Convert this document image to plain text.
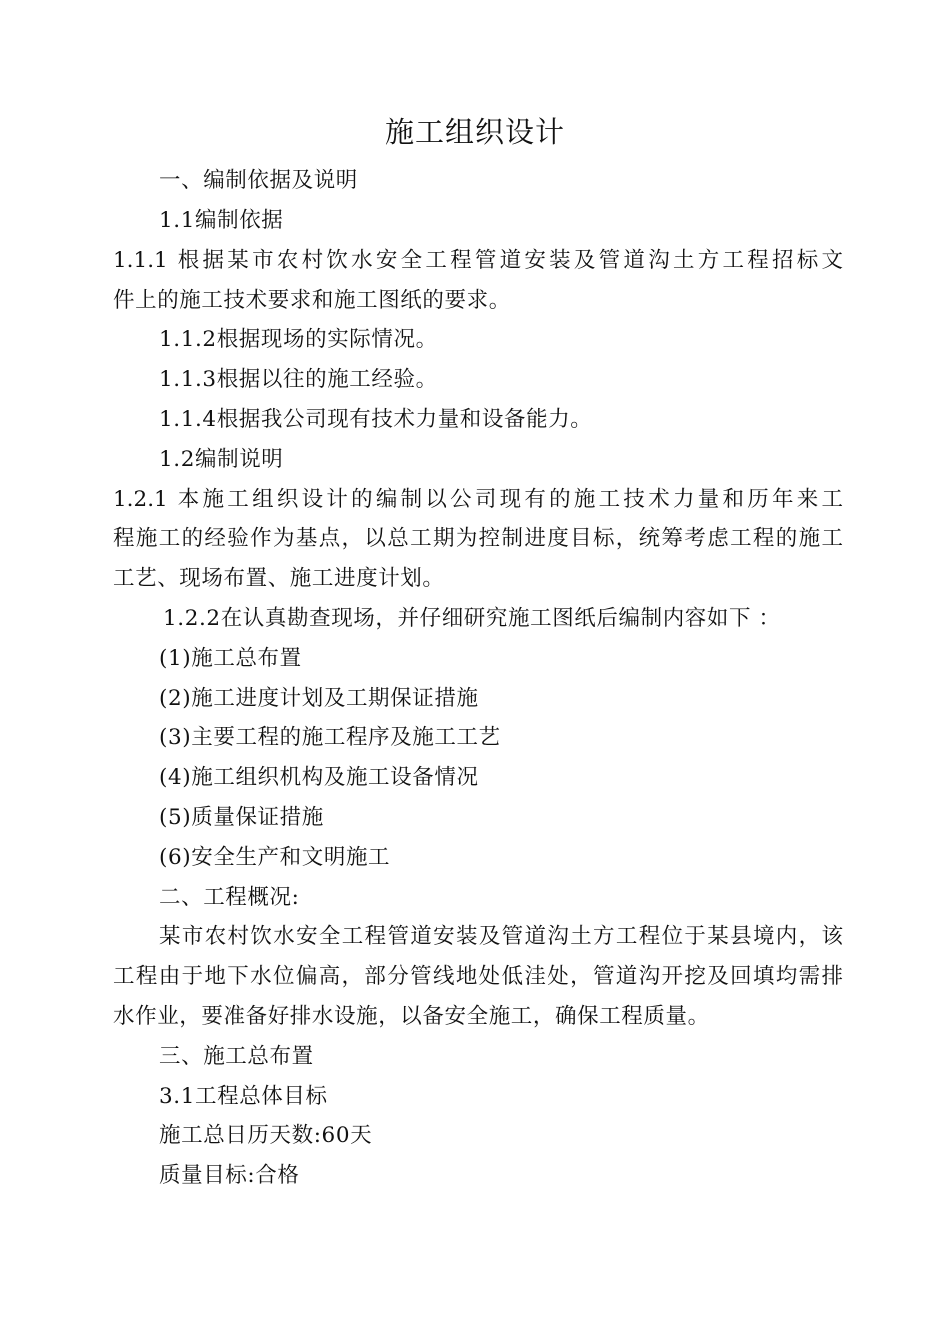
施工组织设计
一、编制依据及说明
1.1编制依据
1.1.1 根据某市农村饮水安全工程管道安装及管道沟土方工程招标文
件上的施工技术要求和施工图纸的要求。
1.1.2根据现场的实际情况。
1.1.3根据以往的施工经验。
1.1.4根据我公司现有技术力量和设备能力。
1.2编制说明
1.2.1 本施工组织设计的编制以公司现有的施工技术力量和历年来工
程施工的经验作为基点，以总工期为控制进度目标，统筹考虑工程的施工
工艺、现场布置、施工进度计划。
1.2.2在认真勘查现场，并仔细研究施工图纸后编制内容如下 ：
(1)施工总布置
(2)施工进度计划及工期保证措施
(3)主要工程的施工程序及施工工艺
(4)施工组织机构及施工设备情况
(5)质量保证措施
(6)安全生产和文明施工
二、工程概况:
某市农村饮水安全工程管道安装及管道沟土方工程位于某县境内，该
工程由于地下水位偏高，部分管线地处低洼处，管道沟开挖及回填均需排
水作业，要准备好排水设施，以备安全施工，确保工程质量。
三、施工总布置
3.1工程总体目标
施工总日历天数:60天
质量目标:合格
